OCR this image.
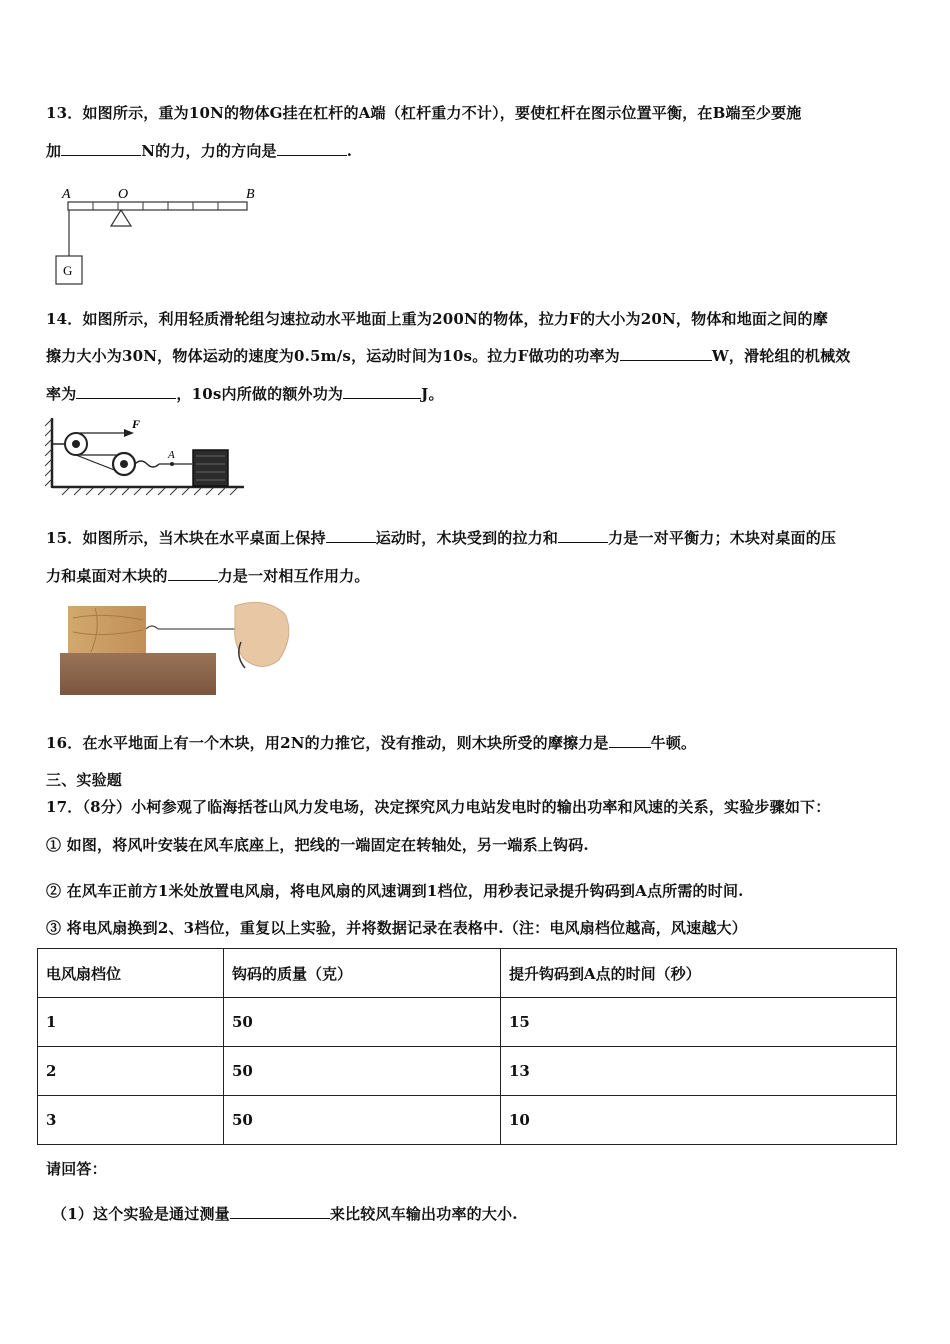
13．如图所示，重为10N的物体G挂在杠杆的A端（杠杆重力不计），要使杠杆在图示位置平衡，在B端至少要施
加	N的力，力的方向是	.
A	O	B
G
14．如图所示，利用轻质滑轮组匀速拉动水平地面上重为200N的物体，拉力F的大小为20N，物体和地面之间的摩
擦力大小为30N，物体运动的速度为0.5m/s，运动时间为10s。拉力F做功的功率为	W，滑轮组的机械效
率为	，10s内所做的额外功为	J。
F
A
15．如图所示，当木块在水平桌面上保持	运动时，木块受到的拉力和	力是一对平衡力；木块对桌面的压
力和桌面对木块的	力是一对相互作用力。
16．在水平地面上有一个木块，用2N的力推它，没有推动，则木块所受的摩擦力是	牛顿。
三、实验题
17．（8分）小柯参观了临海括苍山风力发电场，决定探究风力电站发电时的输出功率和风速的关系，实验步骤如下：
① 如图，将风叶安装在风车底座上，把线的一端固定在转轴处，另一端系上钩码.
② 在风车正前方1米处放置电风扇，将电风扇的风速调到1档位，用秒表记录提升钩码到A点所需的时间.
③ 将电风扇换到2、3档位，重复以上实验，并将数据记录在表格中.（注：电风扇档位越高，风速越大）
电风扇档位	钩码的质量（克）	提升钩码到A点的时间（秒）
1	50	15
2	50	13
3	50	10
请回答：
（1）这个实验是通过测量	来比较风车输出功率的大小.
